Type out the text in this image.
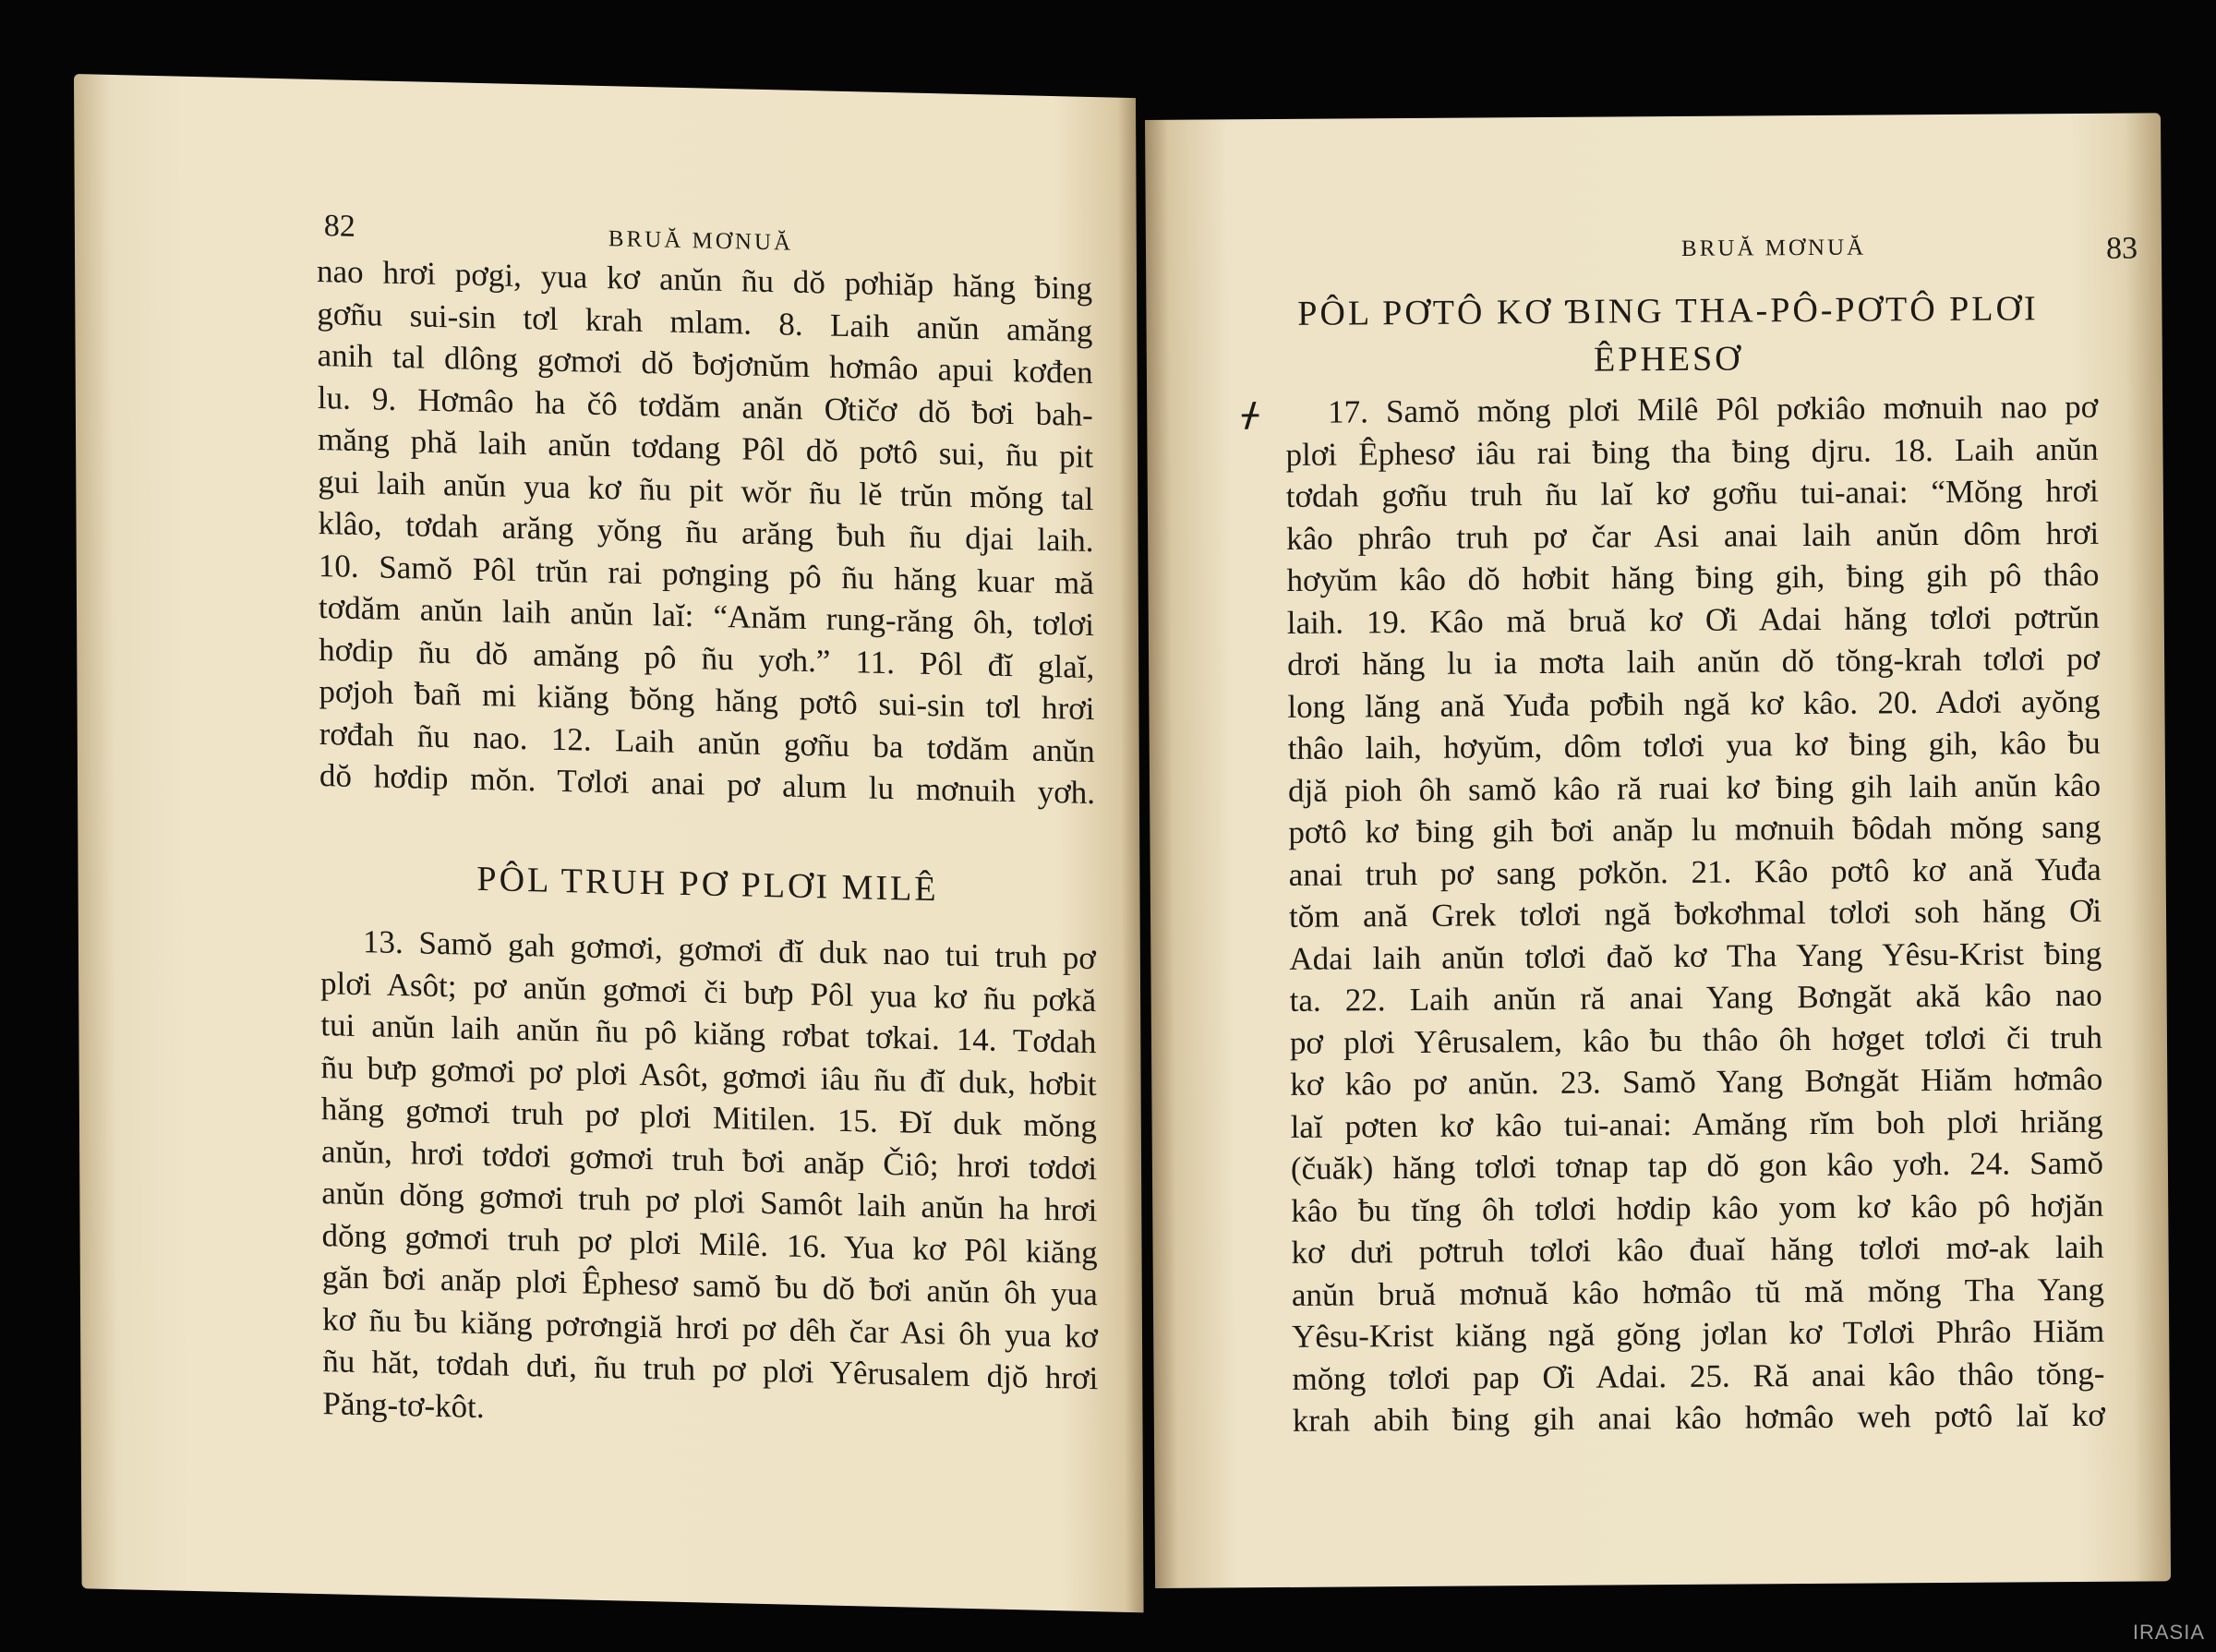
82	BRUĂ MƠNUĂ
nao hrơi pơgi, yua kơ anŭn ñu dŏ pơhiăp hăng ƀing
gơñu sui-sin tơl krah mlam. 8. Laih anŭn amăng
anih tal dlông gơmơi dŏ ƀơjơnŭm hơmâo apui kơđen
lu. 9. Hơmâo ha čô tơdăm anăn Ơtičơ dŏ ƀơi bah-
măng phă laih anŭn tơdang Pôl dŏ pơtô sui, ñu pit
gui laih anŭn yua kơ ñu pit wŏr ñu lĕ trŭn mŏng tal
klâo, tơdah arăng yŏng ñu arăng ƀuh ñu djai laih.
10. Samŏ Pôl trŭn rai pơnging pô ñu hăng kuar mă
tơdăm anŭn laih anŭn laĭ: “Anăm rung-răng ôh, tơlơi
hơdip ñu dŏ amăng pô ñu yơh.” 11. Pôl đĭ glaĭ,
pơjoh ƀañ mi kiăng ƀŏng hăng pơtô sui-sin tơl hrơi
rơđah ñu nao. 12. Laih anŭn gơñu ba tơdăm anŭn
dŏ hơdip mŏn. Tơlơi anai pơ alum lu mơnuih yơh.
PÔL TRUH PƠ PLƠI MILÊ
13. Samŏ gah gơmơi, gơmơi đĭ duk nao tui truh pơ
plơi Asôt; pơ anŭn gơmơi či bưp Pôl yua kơ ñu pơkă
tui anŭn laih anŭn ñu pô kiăng rơbat tơkai. 14. Tơdah
ñu bưp gơmơi pơ plơi Asôt, gơmơi iâu ñu đĭ duk, hơbit
hăng gơmơi truh pơ plơi Mitilen. 15. Đĭ duk mŏng
anŭn, hrơi tơdơi gơmơi truh ƀơi anăp Čiô; hrơi tơdơi
anŭn dŏng gơmơi truh pơ plơi Samôt laih anŭn ha hrơi
dŏng gơmơi truh pơ plơi Milê. 16. Yua kơ Pôl kiăng
găn ƀơi anăp plơi Êphesơ samŏ ƀu dŏ ƀơi anŭn ôh yua
kơ ñu ƀu kiăng pơrơngiă hrơi pơ dêh čar Asi ôh yua kơ
ñu hăt, tơdah dưi, ñu truh pơ plơi Yêrusalem djŏ hrơi
Păng-tơ-kôt.
BRUĂ MƠNUĂ	83
PÔL PƠTÔ KƠ ƁING THA-PÔ-PƠTÔ PLƠI
ÊPHESƠ
ᚋ	17. Samŏ mŏng plơi Milê Pôl pơkiâo mơnuih nao pơ
plơi Êphesơ iâu rai ƀing tha ƀing djru. 18. Laih anŭn
tơdah gơñu truh ñu laĭ kơ gơñu tui-anai: “Mŏng hrơi
kâo phrâo truh pơ čar Asi anai laih anŭn dôm hrơi
hơyŭm kâo dŏ hơbit hăng ƀing gih, ƀing gih pô thâo
laih. 19. Kâo mă bruă kơ Ơi Adai hăng tơlơi pơtrŭn
drơi hăng lu ia mơta laih anŭn dŏ tŏng-krah tơlơi pơ
long lăng ană Yuđa pơƀih ngă kơ kâo. 20. Adơi ayŏng
thâo laih, hơyŭm, dôm tơlơi yua kơ ƀing gih, kâo ƀu
djă pioh ôh samŏ kâo ră ruai kơ ƀing gih laih anŭn kâo
pơtô kơ ƀing gih ƀơi anăp lu mơnuih ƀôdah mŏng sang
anai truh pơ sang pơkŏn. 21. Kâo pơtô kơ ană Yuđa
tŏm ană Grek tơlơi ngă ƀơkơhmal tơlơi soh hăng Ơi
Adai laih anŭn tơlơi đaŏ kơ Tha Yang Yêsu-Krist ƀing
ta. 22. Laih anŭn ră anai Yang Bơngăt akă kâo nao
pơ plơi Yêrusalem, kâo ƀu thâo ôh hơget tơlơi či truh
kơ kâo pơ anŭn. 23. Samŏ Yang Bơngăt Hiăm hơmâo
laĭ pơten kơ kâo tui-anai: Amăng rĭm boh plơi hriăng
(čuăk) hăng tơlơi tơnap tap dŏ gon kâo yơh. 24. Samŏ
kâo ƀu tĭng ôh tơlơi hơdip kâo yom kơ kâo pô hơjăn
kơ dưi pơtruh tơlơi kâo đuaĭ hăng tơlơi mơ-ak laih
anŭn bruă mơnuă kâo hơmâo tŭ mă mŏng Tha Yang
Yêsu-Krist kiăng ngă gŏng jơlan kơ Tơlơi Phrâo Hiăm
mŏng tơlơi pap Ơi Adai. 25. Ră anai kâo thâo tŏng-
krah abih ƀing gih anai kâo hơmâo weh pơtô laĭ kơ
IRASIA
